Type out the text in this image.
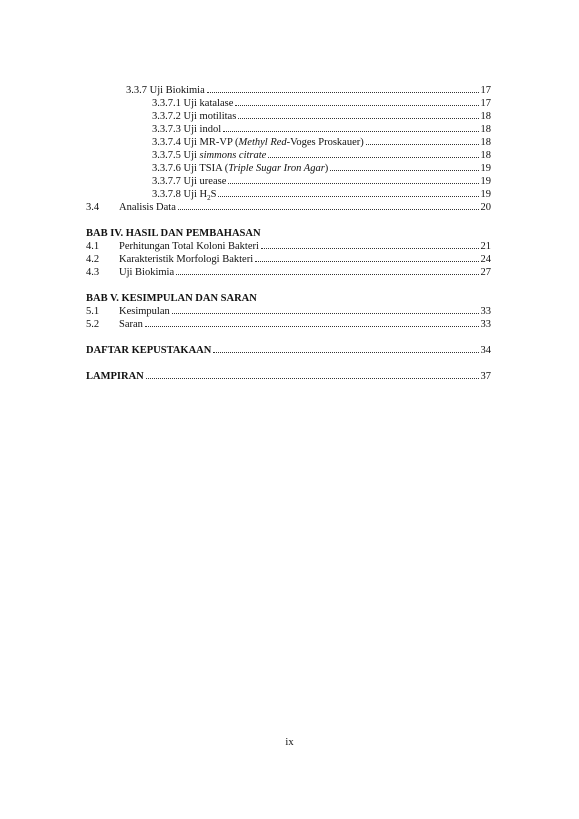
3.3.7 Uji Biokimia	17
3.3.7.1 Uji katalase	17
3.3.7.2 Uji motilitas	18
3.3.7.3 Uji indol	18
3.3.7.4 Uji MR-VP (Methyl Red-Voges Proskauer)	18
3.3.7.5 Uji simmons citrate	18
3.3.7.6 Uji TSIA (Triple Sugar Iron Agar)	19
3.3.7.7 Uji urease	19
3.3.7.8 Uji $H_2S$	19
3.4	Analisis Data	20
BAB IV. HASIL DAN PEMBAHASAN
4.1	Perhitungan Total Koloni Bakteri	21
4.2	Karakteristik Morfologi Bakteri	24
4.3	Uji Biokimia	27
BAB V. KESIMPULAN DAN SARAN
5.1	Kesimpulan	33
5.2	Saran	33
DAFTAR KEPUSTAKAAN	34
LAMPIRAN	37
ix
